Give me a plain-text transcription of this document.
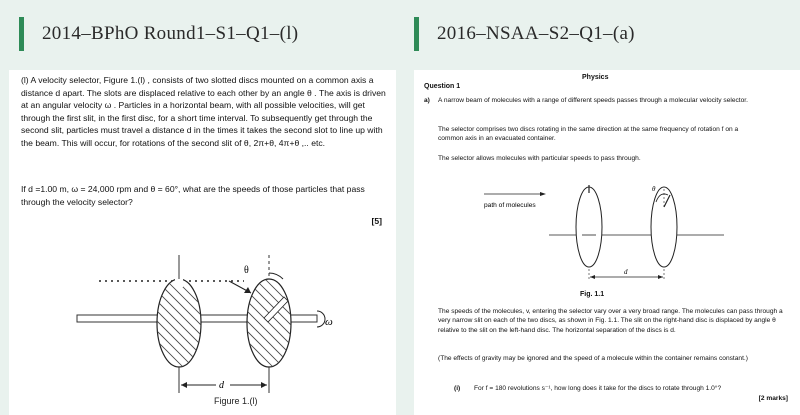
2014–BPhO Round1–S1–Q1–(l)	2016–NSAA–S2–Q1–(a)

(l) A velocity selector, Figure 1.(l) , consists of two slotted discs mounted on a common axis a distance d apart. The slots are displaced relative to each other by an angle θ . The axis is driven at an angular velocity ω . Particles in a horizontal beam, with all possible velocities, will get through the first slit, in the first disc, for a short time interval. To subsequently get through the second slit, particles must travel a distance d in the times it takes the second slot to line up with the beam. This will occur, for rotations of the second slit of θ, 2π+θ, 4π+θ ,.. etc.

If d =1.00 m, ω = 24,000 rpm and θ = 60°, what are the speeds of those particles that pass through the velocity selector?

[5]

θ
ω
d
Figure 1.(l)

Physics

Question 1

a) A narrow beam of molecules with a range of different speeds passes through a molecular velocity selector.

The selector comprises two discs rotating in the same direction at the same frequency of rotation f on a common axis in an evacuated container.

The selector allows molecules with particular speeds to pass through.

path of molecules
θ
d

Fig. 1.1

The speeds of the molecules, v, entering the selector vary over a very broad range. The molecules can pass through a very narrow slit on each of the two discs, as shown in Fig. 1.1. The slit on the right-hand disc is displaced by angle θ relative to the slit on the left-hand disc. The horizontal separation of the discs is d.

(The effects of gravity may be ignored and the speed of a molecule within the container remains constant.)

(i) For f = 180 revolutions s⁻¹, how long does it take for the discs to rotate through 1.0°?

[2 marks]
